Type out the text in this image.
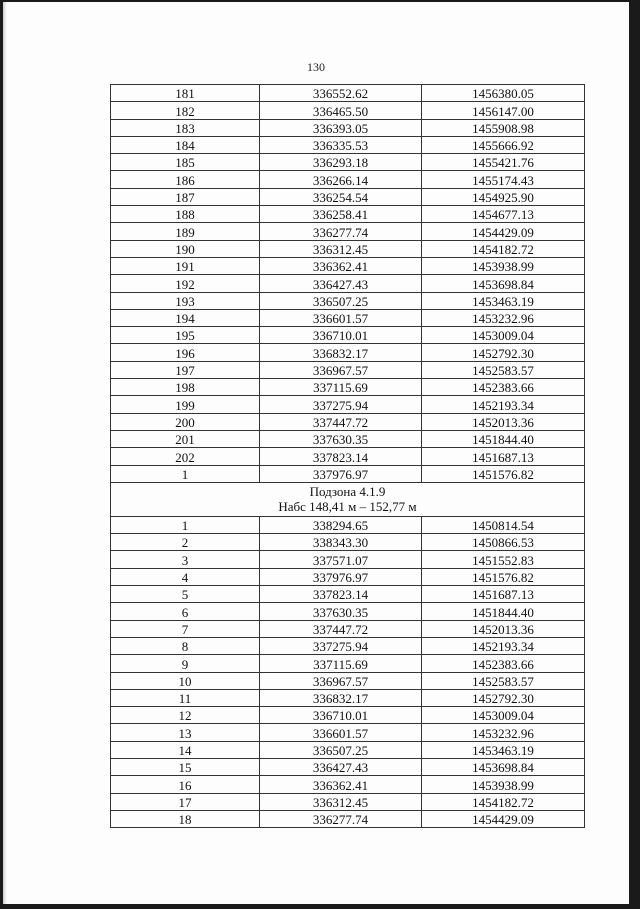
130
181	336552.62	1456380.05
182	336465.50	1456147.00
183	336393.05	1455908.98
184	336335.53	1455666.92
185	336293.18	1455421.76
186	336266.14	1455174.43
187	336254.54	1454925.90
188	336258.41	1454677.13
189	336277.74	1454429.09
190	336312.45	1454182.72
191	336362.41	1453938.99
192	336427.43	1453698.84
193	336507.25	1453463.19
194	336601.57	1453232.96
195	336710.01	1453009.04
196	336832.17	1452792.30
197	336967.57	1452583.57
198	337115.69	1452383.66
199	337275.94	1452193.34
200	337447.72	1452013.36
201	337630.35	1451844.40
202	337823.14	1451687.13
1	337976.97	1451576.82

Подзона 4.1.9
Набс 148,41 м – 152,77 м		

1	338294.65	1450814.54
2	338343.30	1450866.53
3	337571.07	1451552.83
4	337976.97	1451576.82
5	337823.14	1451687.13
6	337630.35	1451844.40
7	337447.72	1452013.36
8	337275.94	1452193.34
9	337115.69	1452383.66
10	336967.57	1452583.57
11	336832.17	1452792.30
12	336710.01	1453009.04
13	336601.57	1453232.96
14	336507.25	1453463.19
15	336427.43	1453698.84
16	336362.41	1453938.99
17	336312.45	1454182.72
18	336277.74	1454429.09
